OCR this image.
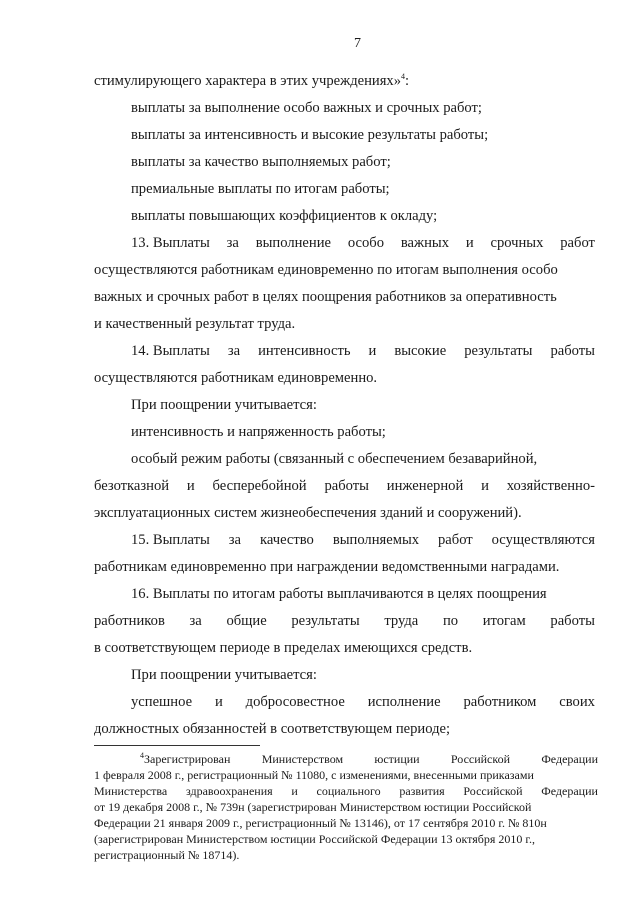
7
стимулирующего характера в этих учреждениях»$^4$:
выплаты за выполнение особо важных и срочных работ;
выплаты за интенсивность и высокие результаты работы;
выплаты за качество выполняемых работ;
премиальные выплаты по итогам работы;
выплаты повышающих коэффициентов к окладу;
13. Выплаты за выполнение особо важных и срочных работ
осуществляются работникам единовременно по итогам выполнения особо
важных и срочных работ в целях поощрения работников за оперативность
и качественный результат труда.
14. Выплаты за интенсивность и высокие результаты работы
осуществляются работникам единовременно.
При поощрении учитывается:
интенсивность и напряженность работы;
особый режим работы (связанный с обеспечением безаварийной,
безотказной и бесперебойной работы инженерной и хозяйственно-
эксплуатационных систем жизнеобеспечения зданий и сооружений).
15. Выплаты за качество выполняемых работ осуществляются
работникам единовременно при награждении ведомственными наградами.
16. Выплаты по итогам работы выплачиваются в целях поощрения
работников за общие результаты труда по итогам работы
в соответствующем периоде в пределах имеющихся средств.
При поощрении учитывается:
успешное и добросовестное исполнение работником своих
должностных обязанностей в соответствующем периоде;
$^4$Зарегистрирован	Министерством	юстиции	Российской	Федерации
1 февраля 2008 г., регистрационный № 11080, с изменениями, внесенными приказами
Министерства здравоохранения и социального развития Российской Федерации
от 19 декабря 2008 г., № 739н (зарегистрирован Министерством юстиции Российской
Федерации 21 января 2009 г., регистрационный № 13146), от 17 сентября 2010 г. № 810н
(зарегистрирован Министерством юстиции Российской Федерации 13 октября 2010 г.,
регистрационный № 18714).
